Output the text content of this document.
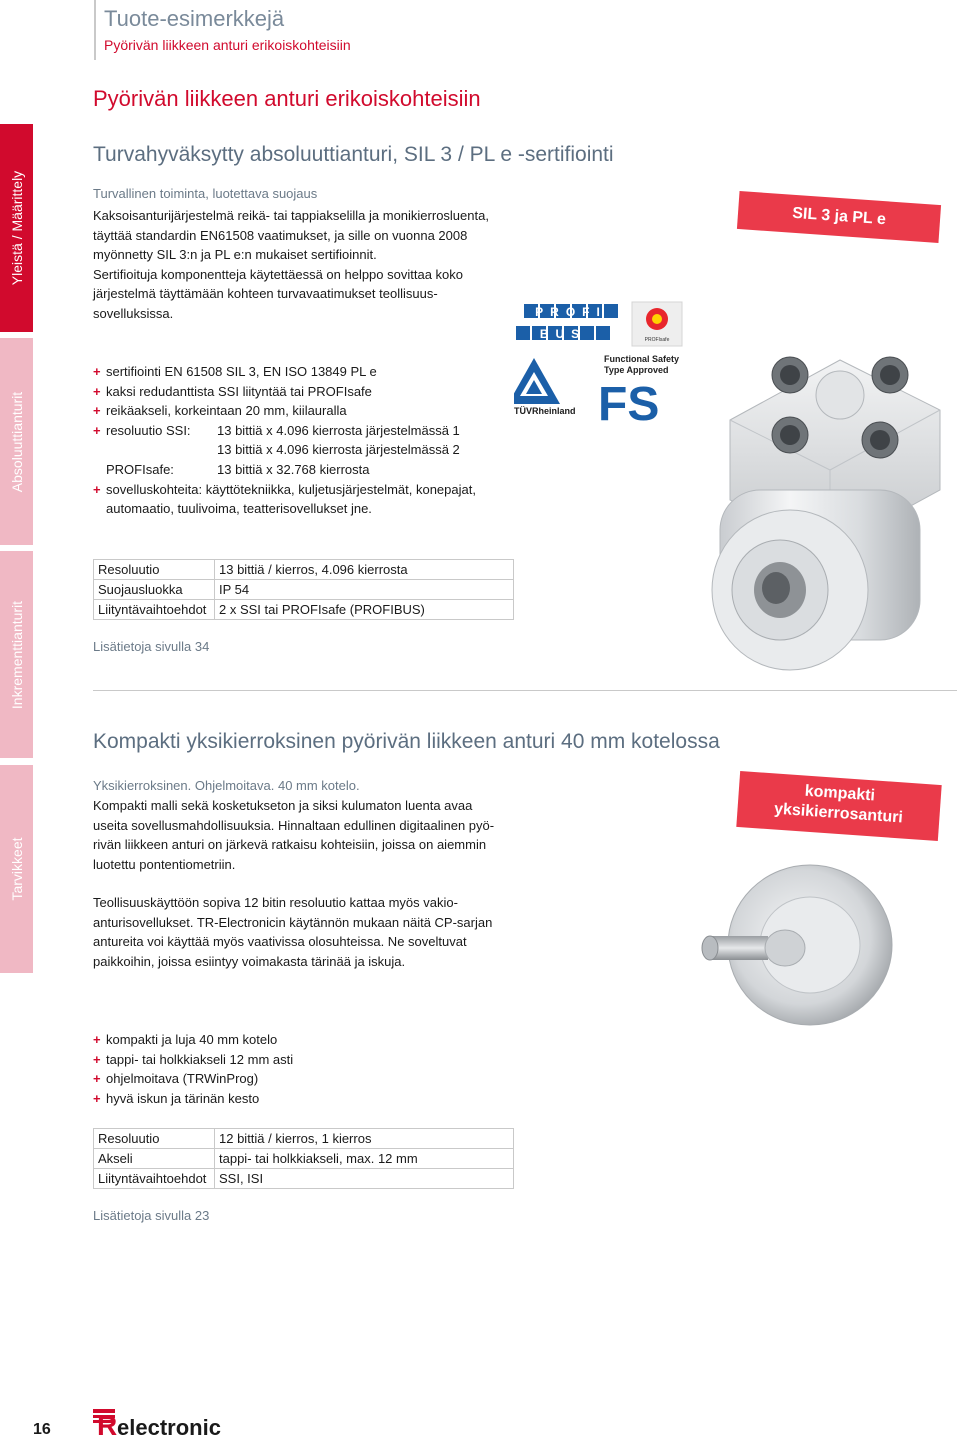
Tuote-esimerkkejä
Pyörivän liikkeen anturi erikoiskohteisiin
Pyörivän liikkeen anturi erikoiskohteisiin
Yleistä / Määrittely
Absoluuttianturit
Inkrementtianturit
Tarvikkeet
Turvahyväksytty absoluuttianturi, SIL 3 / PL e -sertifiointi
Turvallinen toiminta, luotettava suojaus
Kaksoisanturijärjestelmä reikä- tai tappiakselilla ja monikierrosluenta,
täyttää standardin EN61508 vaatimukset, ja sille on vuonna 2008
myönnetty SIL 3:n ja PL e:n mukaiset sertifioinnit.
Sertifioituja komponentteja käytettäessä on helppo sovittaa koko
järjestelmä täyttämään kohteen turvavaatimukset teollisuus-
sovelluksissa.
+ sertifiointi EN 61508 SIL 3, EN ISO 13849 PL e
+ kaksi redudanttista SSI liityntää tai PROFIsafe
+ reikäakseli, korkeintaan 20 mm, kiilauralla
+ resoluutio SSI: 13 bittiä x 4.096 kierrosta järjestelmässä 1
13 bittiä x 4.096 kierrosta järjestelmässä 2
PROFIsafe:	13 bittiä x 32.768 kierrosta
+ sovelluskohteita: käyttötekniikka, kuljetusjärjestelmät, konepajat,
automaatio, tuulivoima, teatterisovellukset jne.
Resoluutio	13 bittiä / kierros, 4.096 kierrosta
Suojausluokka	IP 54
Liityntävaihtoehdot	2 x SSI tai PROFIsafe (PROFIBUS)
Lisätietoja sivulla 34
SIL 3 ja PL e
PROFI
BUS	PROFIsafe
TÜVRheinland
Functional Safety
Type Approved
FS
Kompakti yksikierroksinen pyörivän liikkeen anturi 40 mm kotelossa
Yksikierroksinen. Ohjelmoitava. 40 mm kotelo.
Kompakti malli sekä kosketukseton ja siksi kulumaton luenta avaa
useita sovellusmahdollisuuksia. Hinnaltaan edullinen digitaalinen pyö-
rivän liikkeen anturi on järkevä ratkaisu kohteisiin, joissa on aiemmin
luotettu pontentiometriin.
Teollisuuskäyttöön sopiva 12 bitin resoluutio kattaa myös vakio-
anturisovellukset. TR-Electronicin käytännön mukaan näitä CP-sarjan
antureita voi käyttää myös vaativissa olosuhteissa. Ne soveltuvat
paikkoihin, joissa esiintyy voimakasta tärinää ja iskuja.
+ kompakti ja luja 40 mm kotelo
+ tappi- tai holkkiakseli 12 mm asti
+ ohjelmoitava (TRWinProg)
+ hyvä iskun ja tärinän kesto
Resoluutio	12 bittiä / kierros, 1 kierros
Akseli	tappi- tai holkkiakseli, max. 12 mm
Liityntävaihtoehdot	SSI, ISI
Lisätietoja sivulla 23
kompakti
yksikierrosanturi
16 R electronic
